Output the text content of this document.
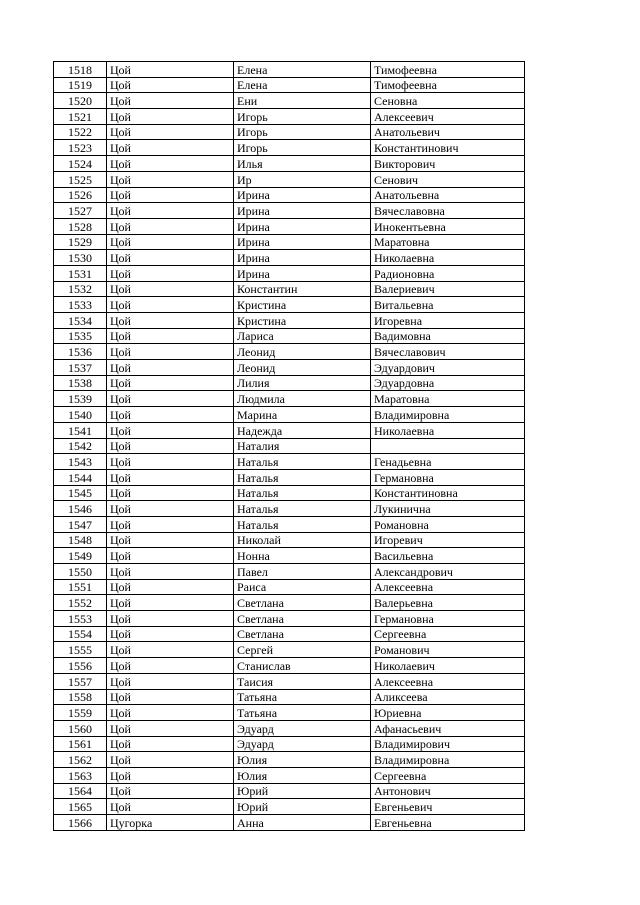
1518	Цой	Елена	Тимофеевна
1519	Цой	Елена	Тимофеевна
1520	Цой	Ени	Сеновна
1521	Цой	Игорь	Алексеевич
1522	Цой	Игорь	Анатольевич
1523	Цой	Игорь	Константинович
1524	Цой	Илья	Викторович
1525	Цой	Ир	Сенович
1526	Цой	Ирина	Анатольевна
1527	Цой	Ирина	Вячеславовна
1528	Цой	Ирина	Инокентьевна
1529	Цой	Ирина	Маратовна
1530	Цой	Ирина	Николаевна
1531	Цой	Ирина	Радионовна
1532	Цой	Константин	Валериевич
1533	Цой	Кристина	Витальевна
1534	Цой	Кристина	Игоревна
1535	Цой	Лариса	Вадимовна
1536	Цой	Леонид	Вячеславович
1537	Цой	Леонид	Эдуардович
1538	Цой	Лилия	Эдуардовна
1539	Цой	Людмила	Маратовна
1540	Цой	Марина	Владимировна
1541	Цой	Надежда	Николаевна
1542	Цой	Наталия	
1543	Цой	Наталья	Генадьевна
1544	Цой	Наталья	Германовна
1545	Цой	Наталья	Константиновна
1546	Цой	Наталья	Лукинична
1547	Цой	Наталья	Романовна
1548	Цой	Николай	Игоревич
1549	Цой	Нонна	Васильевна
1550	Цой	Павел	Александрович
1551	Цой	Раиса	Алексеевна
1552	Цой	Светлана	Валерьевна
1553	Цой	Светлана	Германовна
1554	Цой	Светлана	Сергеевна
1555	Цой	Сергей	Романович
1556	Цой	Станислав	Николаевич
1557	Цой	Таисия	Алексеевна
1558	Цой	Татьяна	Аликсеева
1559	Цой	Татьяна	Юриевна
1560	Цой	Эдуард	Афанасьевич
1561	Цой	Эдуард	Владимирович
1562	Цой	Юлия	Владимировна
1563	Цой	Юлия	Сергеевна
1564	Цой	Юрий	Антонович
1565	Цой	Юрий	Евгеньевич
1566	Цугорка	Анна	Евгеньевна
